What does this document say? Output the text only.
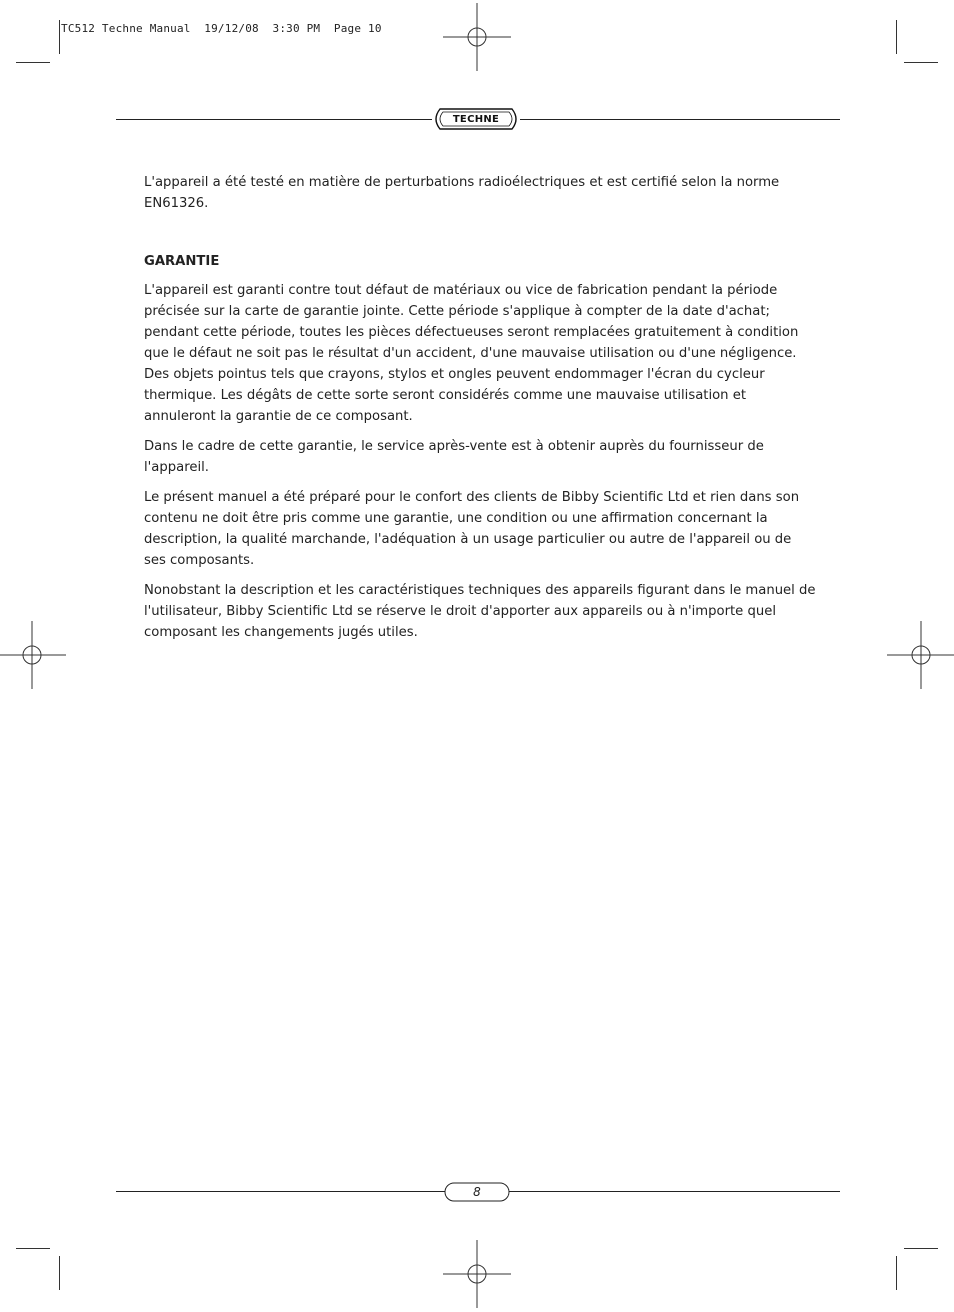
TC512 Techne Manual  19/12/08  3:30 PM  Page 10
TECHNE

L'appareil a été testé en matière de perturbations radioélectriques et est certifié selon la norme EN61326.

GARANTIE

L'appareil est garanti contre tout défaut de matériaux ou vice de fabrication pendant la période précisée sur la carte de garantie jointe. Cette période s'applique à compter de la date d'achat; pendant cette période, toutes les pièces défectueuses seront remplacées gratuitement à condition que le défaut ne soit pas le résultat d'un accident, d'une mauvaise utilisation ou d'une négligence. Des objets pointus tels que crayons, stylos et ongles peuvent endommager l'écran du cycleur thermique. Les dégâts de cette sorte seront considérés comme une mauvaise utilisation et annuleront la garantie de ce composant.

Dans le cadre de cette garantie, le service après-vente est à obtenir auprès du fournisseur de l'appareil.

Le présent manuel a été préparé pour le confort des clients de Bibby Scientific Ltd et rien dans son contenu ne doit être pris comme une garantie, une condition ou une affirmation concernant la description, la qualité marchande, l'adéquation à un usage particulier ou autre de l'appareil ou de ses composants.

Nonobstant la description et les caractéristiques techniques des appareils figurant dans le manuel de l'utilisateur, Bibby Scientific Ltd se réserve le droit d'apporter aux appareils ou à n'importe quel composant les changements jugés utiles.

8
